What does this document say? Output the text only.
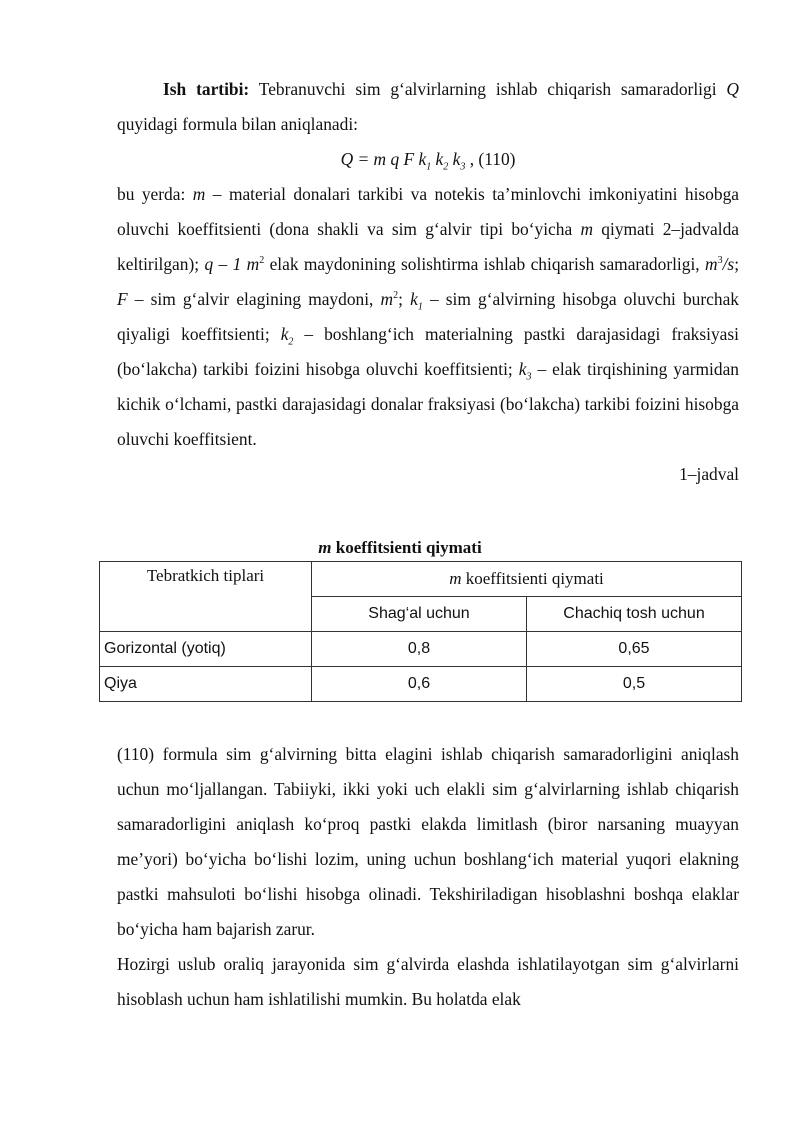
Ish tartibi: Tebranuvchi sim g‘alvirlarning ishlab chiqarish samaradorligi Q quyidagi formula bilan aniqlanadi:

Q = m q F $k_1$ $k_2$ $k_3$ , (110)

bu yerda: m – material donalari tarkibi va notekis ta’minlovchi imkoniyatini hisobga oluvchi koeffitsienti (dona shakli va sim g‘alvir tipi bo‘yicha m qiymati 2–jadvalda keltirilgan); q – 1 $m^2$ elak maydonining solishtirma ishlab chiqarish samaradorligi, $m^3/s$; F – sim g‘alvir elagining maydoni, $m^2$; $k_1$ – sim g‘alvirning hisobga oluvchi burchak qiyaligi koeffitsienti; $k_2$ – boshlang‘ich materialning pastki darajasidagi fraksiyasi (bo‘lakcha) tarkibi foizini hisobga oluvchi koeffitsienti; $k_3$ – elak tirqishining yarmidan kichik o‘lchami, pastki darajasidagi donalar fraksiyasi (bo‘lakcha) tarkibi foizini hisobga oluvchi koeffitsient.

1–jadval

m koeffitsienti qiymati
Tebratkich tiplari	m koeffitsienti qiymati	
	Shag‘al uchun	Chachiq tosh uchun
Gorizontal (yotiq)	0,8	0,65
Qiya	0,6	0,5

(110) formula sim g‘alvirning bitta elagini ishlab chiqarish samaradorligini aniqlash uchun mo‘ljallangan. Tabiiyki, ikki yoki uch elakli sim g‘alvirlarning ishlab chiqarish samaradorligini aniqlash ko‘proq pastki elakda limitlash (biror narsaning muayyan me’yori) bo‘yicha bo‘lishi lozim, uning uchun boshlang‘ich material yuqori elakning pastki mahsuloti bo‘lishi hisobga olinadi. Tekshiriladigan hisoblashni boshqa elaklar bo‘yicha ham bajarish zarur.

Hozirgi uslub oraliq jarayonida sim g‘alvirda elashda ishlatilayotgan sim g‘alvirlarni hisoblash uchun ham ishlatilishi mumkin. Bu holatda elak
